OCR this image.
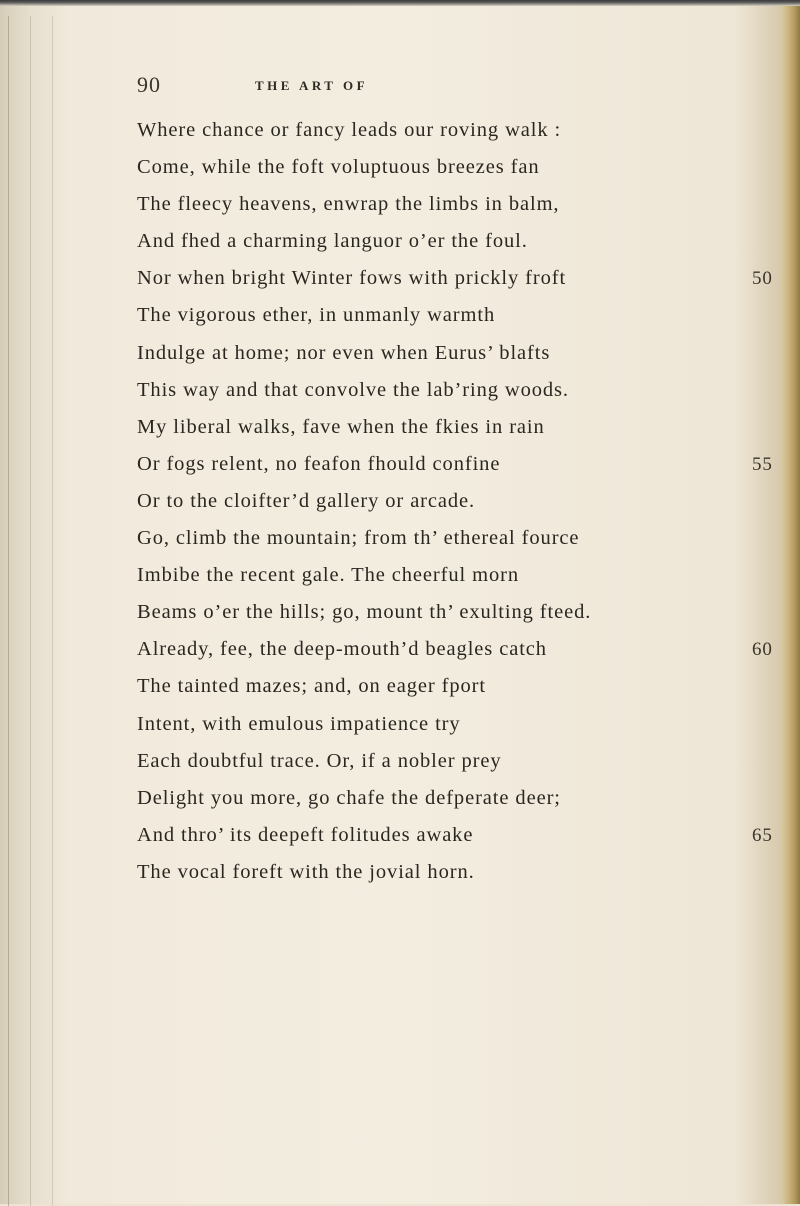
90	THE ART OF
Where chance or fancy leads our roving walk :
Come, while the foft voluptuous breezes fan
The fleecy heavens, enwrap the limbs in balm,
And fhed a charming languor o’er the foul.
Nor when bright Winter fows with prickly froft	50
The vigorous ether, in unmanly warmth
Indulge at home; nor even when Eurus’ blafts
This way and that convolve the lab’ring woods.
My liberal walks, fave when the fkies in rain
Or fogs relent, no feafon fhould confine	55
Or to the cloifter’d gallery or arcade.
Go, climb the mountain; from th’ ethereal fource
Imbibe the recent gale. The cheerful morn
Beams o’er the hills; go, mount th’ exulting fteed.
Already, fee, the deep-mouth’d beagles catch	60
The tainted mazes; and, on eager fport
Intent, with emulous impatience try
Each doubtful trace. Or, if a nobler prey
Delight you more, go chafe the defperate deer;
And thro’ its deepeft folitudes awake	65
The vocal foreft with the jovial horn.
